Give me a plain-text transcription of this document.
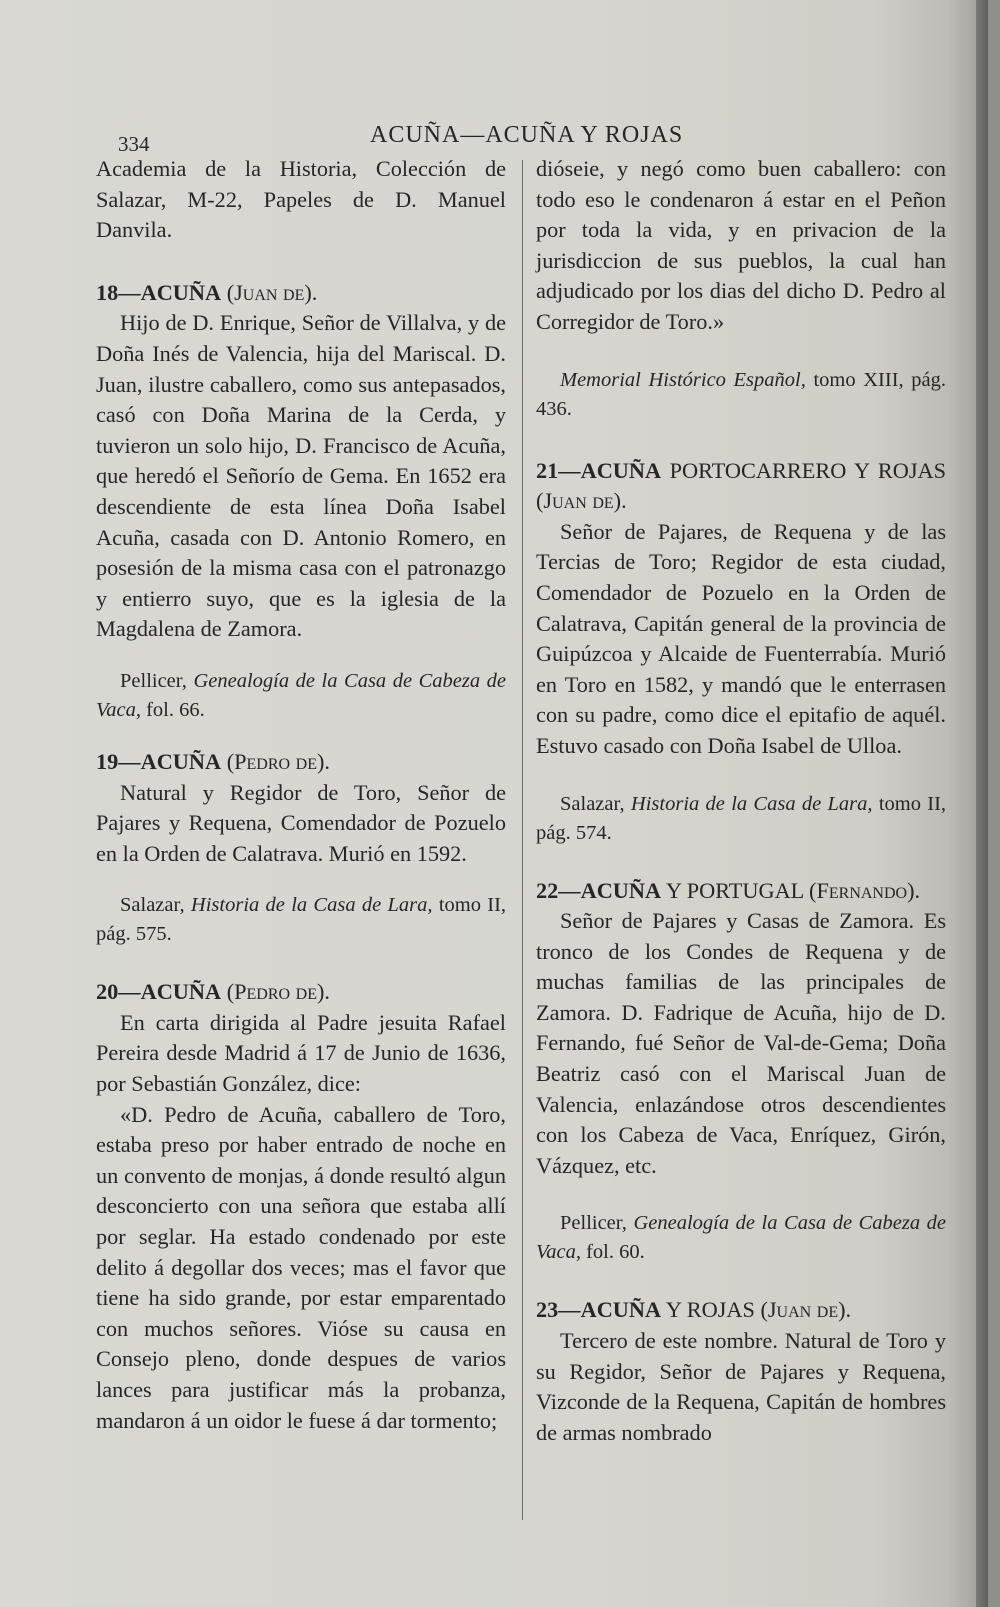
334	ACUÑA—ACUÑA Y ROJAS

Academia de la Historia, Colección de Salazar, M-22, Papeles de D. Manuel Danvila.

18—ACUÑA (Juan de).

Hijo de D. Enrique, Señor de Villalva, y de Doña Inés de Valencia, hija del Mariscal. D. Juan, ilustre caballero, como sus antepasados, casó con Doña Marina de la Cerda, y tuvieron un solo hijo, D. Francisco de Acuña, que heredó el Señorío de Gema. En 1652 era descendiente de esta línea Doña Isabel Acuña, casada con D. Antonio Romero, en posesión de la misma casa con el patronazgo y entierro suyo, que es la iglesia de la Magdalena de Zamora.

Pellicer, Genealogía de la Casa de Cabeza de Vaca, fol. 66.

19—ACUÑA (Pedro de).

Natural y Regidor de Toro, Señor de Pajares y Requena, Comendador de Pozuelo en la Orden de Calatrava. Murió en 1592.

Salazar, Historia de la Casa de Lara, tomo II, pág. 575.

20—ACUÑA (Pedro de).

En carta dirigida al Padre jesuita Rafael Pereira desde Madrid á 17 de Junio de 1636, por Sebastián González, dice:

«D. Pedro de Acuña, caballero de Toro, estaba preso por haber entrado de noche en un convento de monjas, á donde resultó algun desconcierto con una señora que estaba allí por seglar. Ha estado condenado por este delito á degollar dos veces; mas el favor que tiene ha sido grande, por estar emparentado con muchos señores. Vióse su causa en Consejo pleno, donde despues de varios lances para justificar más la probanza, mandaron á un oidor le fuese á dar tormento;

dióseie, y negó como buen caballero: con todo eso le condenaron á estar en el Peñon por toda la vida, y en privacion de la jurisdiccion de sus pueblos, la cual han adjudicado por los dias del dicho D. Pedro al Corregidor de Toro.»

Memorial Histórico Español, tomo XIII, pág. 436.

21—ACUÑA PORTOCARRERO Y ROJAS (Juan de).

Señor de Pajares, de Requena y de las Tercias de Toro; Regidor de esta ciudad, Comendador de Pozuelo en la Orden de Calatrava, Capitán general de la provincia de Guipúzcoa y Alcaide de Fuenterrabía. Murió en Toro en 1582, y mandó que le enterrasen con su padre, como dice el epitafio de aquél. Estuvo casado con Doña Isabel de Ulloa.

Salazar, Historia de la Casa de Lara, tomo II, pág. 574.

22—ACUÑA Y PORTUGAL (Fernando).

Señor de Pajares y Casas de Zamora. Es tronco de los Condes de Requena y de muchas familias de las principales de Zamora. D. Fadrique de Acuña, hijo de D. Fernando, fué Señor de Val-de-Gema; Doña Beatriz casó con el Mariscal Juan de Valencia, enlazándose otros descendientes con los Cabeza de Vaca, Enríquez, Girón, Vázquez, etc.

Pellicer, Genealogía de la Casa de Cabeza de Vaca, fol. 60.

23—ACUÑA Y ROJAS (Juan de).

Tercero de este nombre. Natural de Toro y su Regidor, Señor de Pajares y Requena, Vizconde de la Requena, Capitán de hombres de armas nombrado
